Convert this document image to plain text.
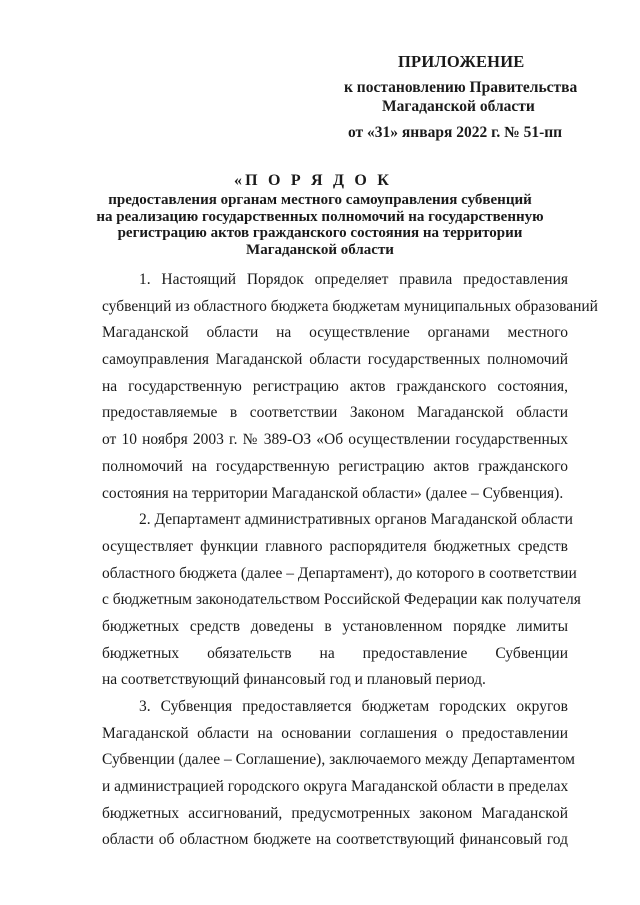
ПРИЛОЖЕНИЕ
к постановлению Правительства
Магаданской области
от «31» января 2022 г. № 51-пп
«П О Р Я Д О К
предоставления органам местного самоуправления субвенций
на реализацию государственных полномочий на государственную
регистрацию актов гражданского состояния на территории
Магаданской области
1. Настоящий Порядок определяет правила предоставления
субвенций из областного бюджета бюджетам муниципальных образований
Магаданской области на осуществление органами местного
самоуправления Магаданской области государственных полномочий
на государственную регистрацию актов гражданского состояния,
предоставляемые в соответствии Законом Магаданской области
от 10 ноября 2003 г. № 389-ОЗ «Об осуществлении государственных
полномочий на государственную регистрацию актов гражданского
состояния на территории Магаданской области» (далее – Субвенция).
2. Департамент административных органов Магаданской области
осуществляет функции главного распорядителя бюджетных средств
областного бюджета (далее – Департамент), до которого в соответствии
с бюджетным законодательством Российской Федерации как получателя
бюджетных средств доведены в установленном порядке лимиты
бюджетных обязательств на предоставление Субвенции
на соответствующий финансовый год и плановый период.
3. Субвенция предоставляется бюджетам городских округов
Магаданской области на основании соглашения о предоставлении
Субвенции (далее – Соглашение), заключаемого между Департаментом
и администрацией городского округа Магаданской области в пределах
бюджетных ассигнований, предусмотренных законом Магаданской
области об областном бюджете на соответствующий финансовый год
